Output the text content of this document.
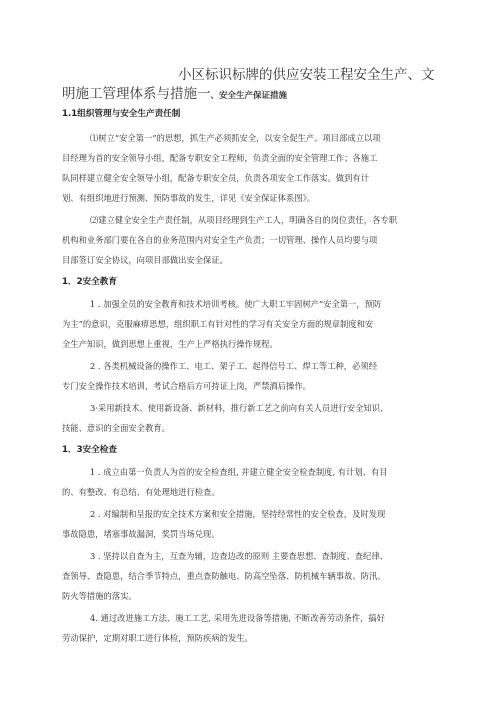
小区标识标牌的供应安装工程安全生产、文
明施工管理体系与措施一、安全生产保证措施
1.1组织管理与安全生产责任制
⑴树立“安全第一”的思想，抓生产必须抓安全，以安全促生产。项目部成立以项
目经理为首的安全领导小组，配备专职安全工程师，负责全面的安全管理工作；各施工
队同样建立健全安全领导小组，配备专职安全员，负责各项安全工作落实。做到有计
划、有组织地进行预测、预防事故的发生，详见《安全保证体系图》。
⑵建立健全安全生产责任制，从项目经理到生产工人，明确各自的岗位责任，各专职
机构和业务部门要在各自的业务范围内对安全生产负责；一切管理、操作人员均要与项
目部签订安全协议，向项目部做出安全保证。
1．2安全教育
1 . 加强全员的安全教育和技术培训考核。使广大职工牢固树产“安全第一，预防
为主”的意识，克服麻痹思想，组织职工有针对性的学习有关安全方面的规章制度和安
全生产知识，做到思想上重视，生产上严格执行操作规程。
2 . 各类机械设备的操作工、电工、架子工、起得信号工、焊工等工种，必须经
专门安全操作技术培训，考试合格后方可持证上岗，严禁酒后操作。
3·采用新技术、使用新设备、新材料，推行新工艺之前向有关人员进行安全知识、
技能、意识的全面安全教育。
1．3安全检查
1 . 成立由第一负责人为首的安全检查组, 并建立健全安全检查制度, 有计划、有目
的、有整改、有总结、有处理地进行检查。
2 . 对编制和呈报的安全技术方案和安全措施，坚持经常性的安全检查，及时发现
事故隐患，堵塞事故漏洞，奖罚当场兑现。
3 . 坚持以自查为主，互查为辅，边查边改的原则 主要查思想、查制度、查纪律、
查领导、查隐患，结合季节特点，重点查防触电、防高空坠落、防机械车辆事故、防汛、
防火等措施的落实。
4. 通过改进施工方法、施工工艺, 采用先进设备等措施, 不断改善劳动条件，搞好
劳动保护，定期对职工进行体检，预防疾病的发生。
